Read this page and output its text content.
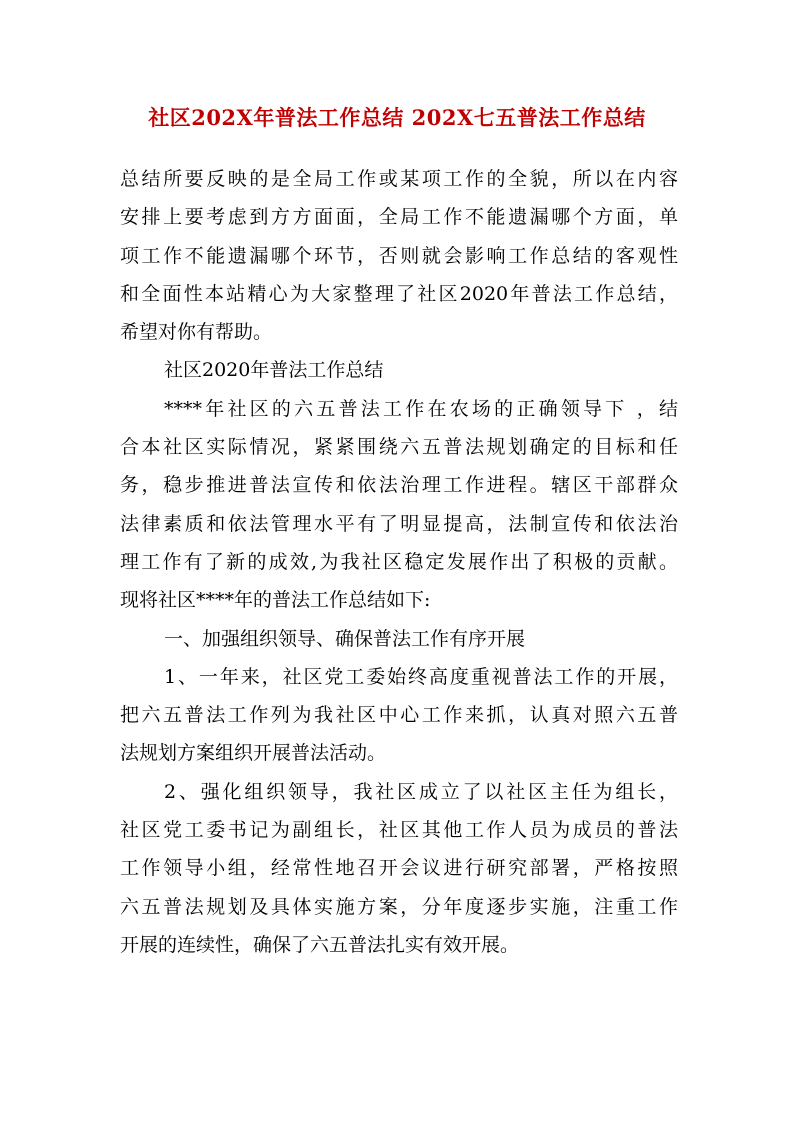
社区202X年普法工作总结 202X七五普法工作总结
总结所要反映的是全局工作或某项工作的全貌，所以在内容
安排上要考虑到方方面面，全局工作不能遗漏哪个方面，单
项工作不能遗漏哪个环节，否则就会影响工作总结的客观性
和全面性本站精心为大家整理了社区2020年普法工作总结，
希望对你有帮助。
社区2020年普法工作总结
****年社区的六五普法工作在农场的正确领导下 ，结
合本社区实际情况，紧紧围绕六五普法规划确定的目标和任
务，稳步推进普法宣传和依法治理工作进程。辖区干部群众
法律素质和依法管理水平有了明显提高，法制宣传和依法治
理工作有了新的成效,为我社区稳定发展作出了积极的贡献。
现将社区****年的普法工作总结如下:
一、加强组织领导、确保普法工作有序开展
1、一年来，社区党工委始终高度重视普法工作的开展，
把六五普法工作列为我社区中心工作来抓，认真对照六五普
法规划方案组织开展普法活动。
2、强化组织领导，我社区成立了以社区主任为组长，
社区党工委书记为副组长，社区其他工作人员为成员的普法
工作领导小组，经常性地召开会议进行研究部署，严格按照
六五普法规划及具体实施方案，分年度逐步实施，注重工作
开展的连续性，确保了六五普法扎实有效开展。
